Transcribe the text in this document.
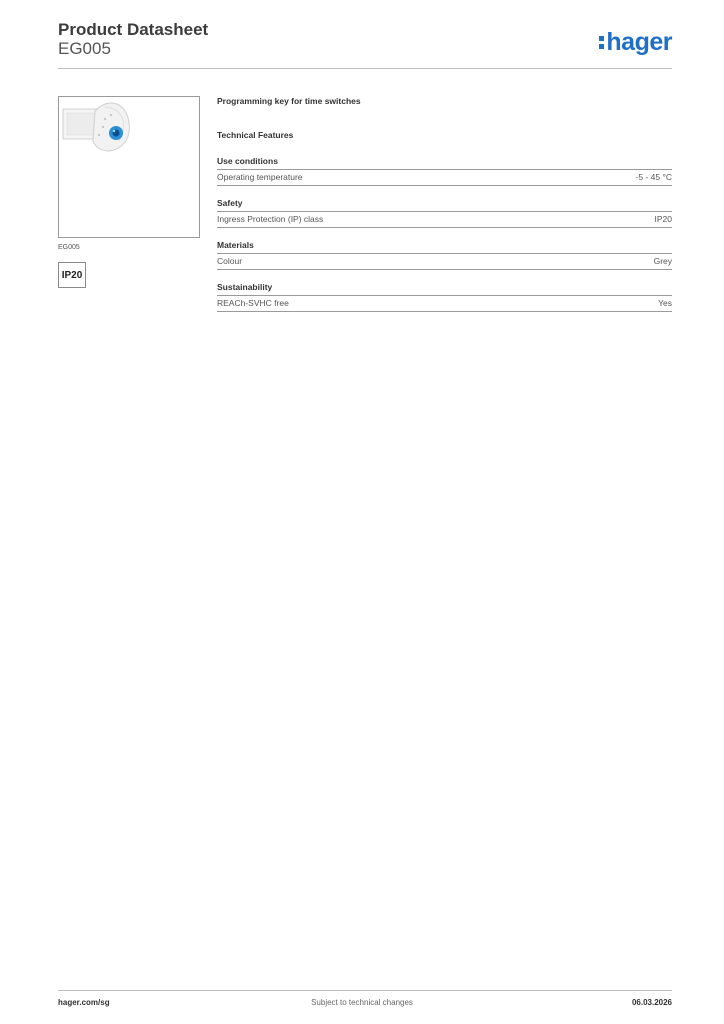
Product Datasheet
EG005	hager
EG005
IP20
Programming key for time switches
Technical Features
Use conditions
Operating temperature	-5 - 45 °C
Safety
Ingress Protection (IP) class	IP20
Materials
Colour	Grey
Sustainability
REACh-SVHC free	Yes
hager.com/sg	Subject to technical changes	06.03.2026
